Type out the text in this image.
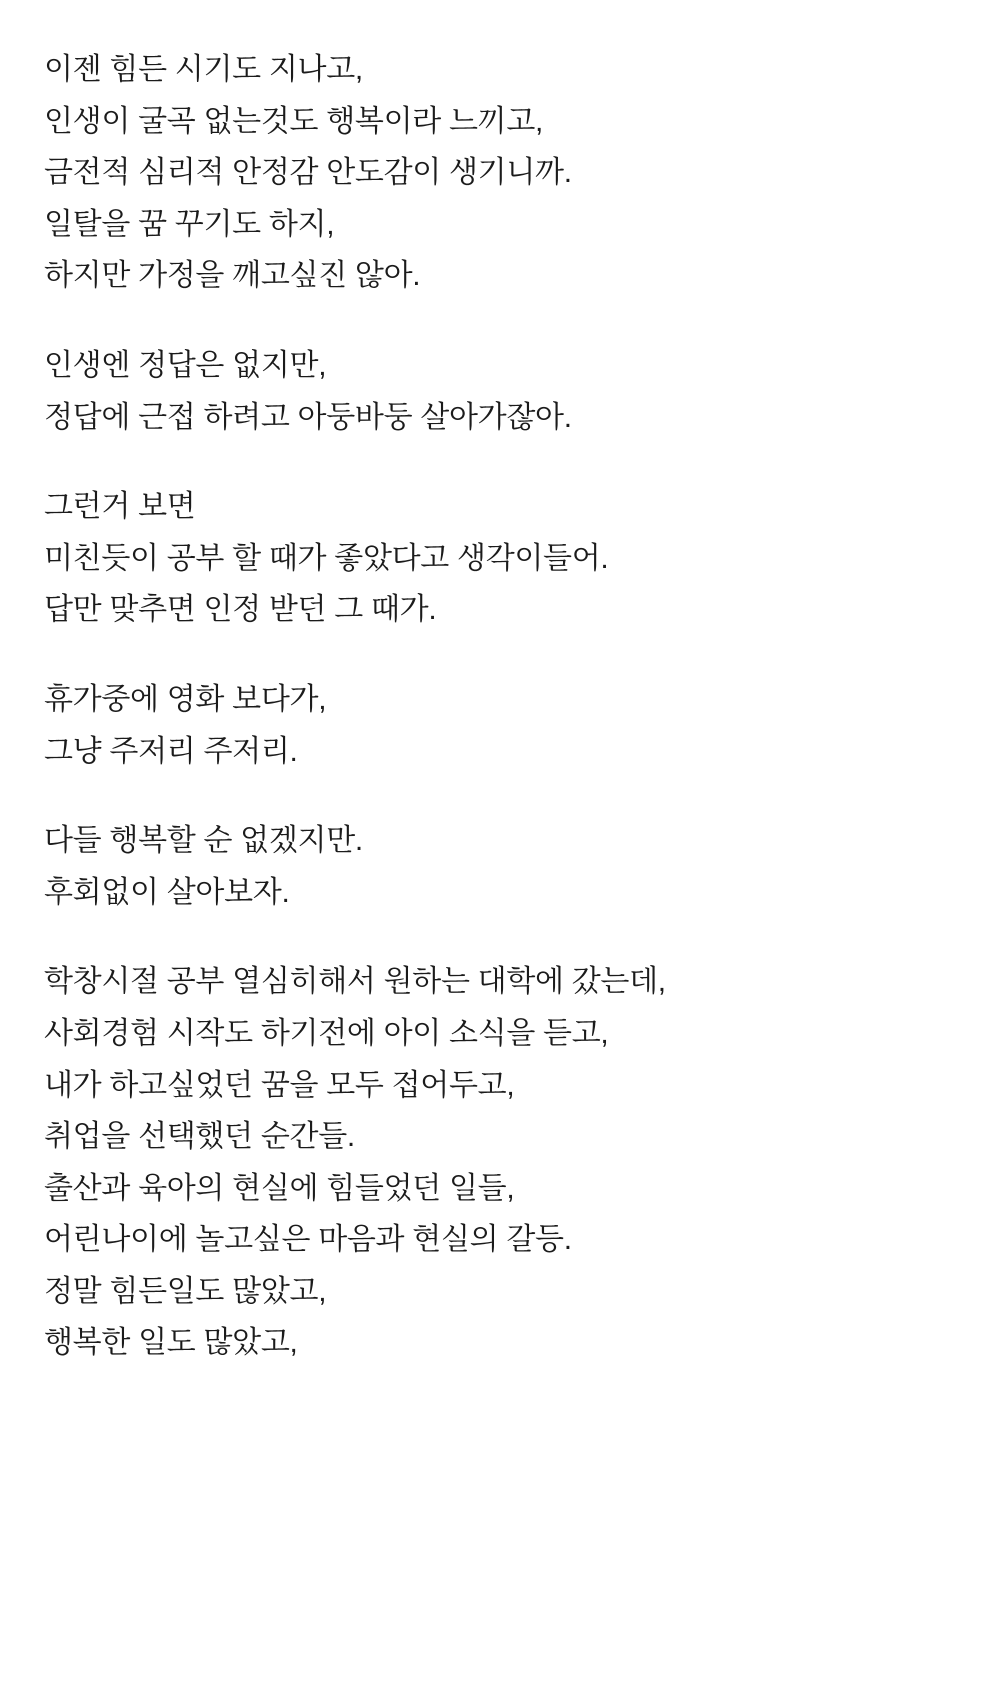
이젠 힘든 시기도 지나고,
인생이 굴곡 없는것도 행복이라 느끼고,
금전적 심리적 안정감 안도감이 생기니까.
일탈을 꿈 꾸기도 하지,
하지만 가정을 깨고싶진 않아.
인생엔 정답은 없지만,
정답에 근접 하려고 아둥바둥 살아가잖아.
그런거 보면
미친듯이 공부 할 때가 좋았다고 생각이들어.
답만 맞추면 인정 받던 그 때가.
휴가중에 영화 보다가,
그냥 주저리 주저리.
다들 행복할 순 없겠지만.
후회없이 살아보자.
학창시절 공부 열심히해서 원하는 대학에 갔는데,
사회경험 시작도 하기전에 아이 소식을 듣고,
내가 하고싶었던 꿈을 모두 접어두고,
취업을 선택했던 순간들.
출산과 육아의 현실에 힘들었던 일들,
어린나이에 놀고싶은 마음과 현실의 갈등.
정말 힘든일도 많았고,
행복한 일도 많았고,
